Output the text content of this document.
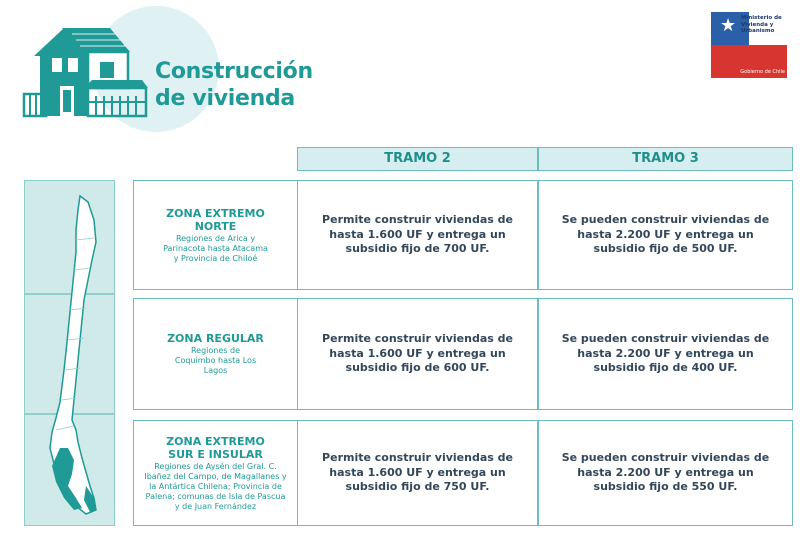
Construcción
de vivienda
★ Ministerio de Vivienda y Urbanismo
Gobierno de Chile
TRAMO 2	TRAMO 3
ZONA EXTREMO NORTE
Regiones de Arica y Parinacota hasta Atacama y Provincia de Chiloé
Permite construir viviendas de hasta 1.600 UF y entrega un subsidio fijo de 700 UF.
Se pueden construir viviendas de hasta 2.200 UF y entrega un subsidio fijo de 500 UF.
ZONA REGULAR
Regiones de Coquimbo hasta Los Lagos
Permite construir viviendas de hasta 1.600 UF y entrega un subsidio fijo de 600 UF.
Se pueden construir viviendas de hasta 2.200 UF y entrega un subsidio fijo de 400 UF.
ZONA EXTREMO SUR E INSULAR
Regiones de Aysén del Gral. C. Ibañez del Campo, de Magallanes y la Antártica Chilena; Provincia de Palena; comunas de Isla de Pascua y de Juan Fernández
Permite construir viviendas de hasta 1.600 UF y entrega un subsidio fijo de 750 UF.
Se pueden construir viviendas de hasta 2.200 UF y entrega un subsidio fijo de 550 UF.
